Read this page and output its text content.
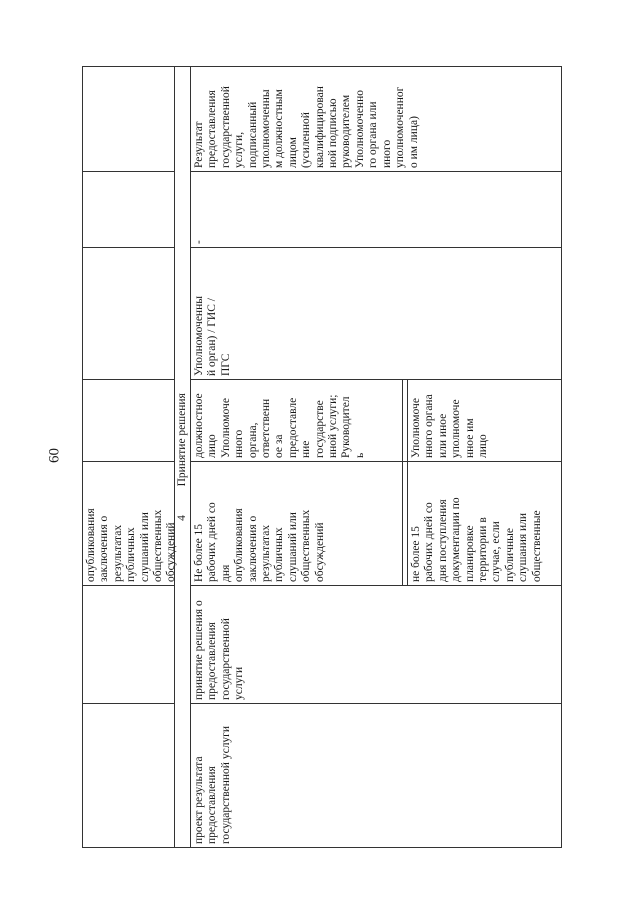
60
опубликования
заключения о
результатах
публичных
слушаний или
общественных
обсуждений
4          Принятие решения
проект результата
предоставления
государственной услуги
принятие решения о
предоставления
государственной
услуги
Не более 15
рабочих дней со
дня
опубликования
заключения о
результатах
публичных
слушаний или
общественных
обсуждений	не более 15
рабочих дней со
дня поступления
документации по
планировке
территории в
случае, если
публичные
слушания или
общественные
должностное
лицо
Уполномоче
нного
органа,
ответственн
ое за
предоставле
ние
государстве
нной услуги;
Руководител
ь	Уполномоче
нного органа
или иное
уполномоче
нное им
лицо
Уполномоченны
й орган) / ГИС /
ПГС
-
Результат
предоставления
государственной
услуги,
подписанный
уполномоченны
м должностным
лицом
(усиленной
квалифицирован
ной подписью
руководителем
Уполномоченно
го органа или
иного
уполномоченног
о им лица)
